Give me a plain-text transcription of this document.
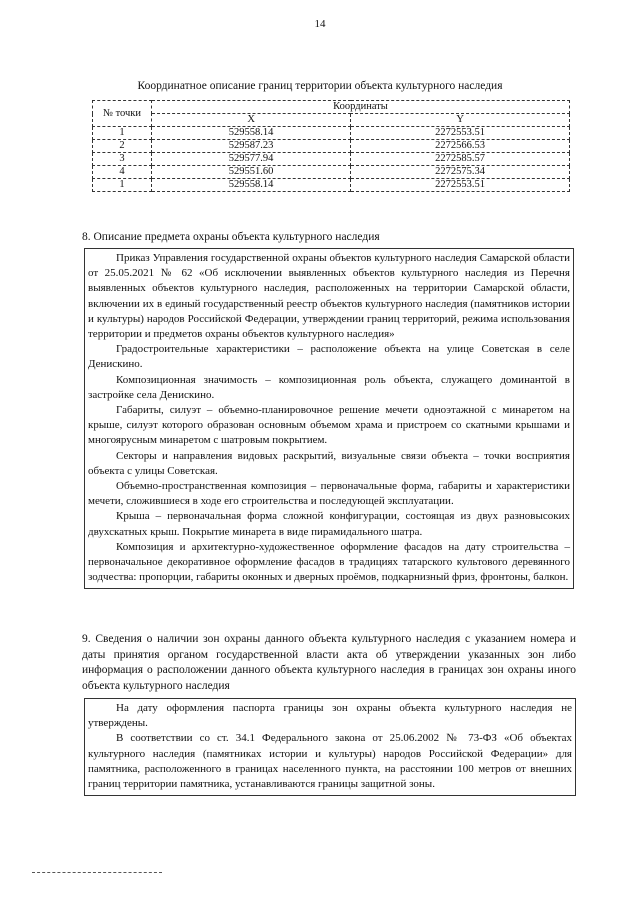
14
Координатное описание границ территории объекта культурного наследия
№ точки	Координаты	
	X	Y
1	529558.14	2272553.51
2	529587.23	2272566.53
3	529577.94	2272585.57
4	529551.60	2272575.34
1	529558.14	2272553.51
8. Описание предмета охраны объекта культурного наследия

Приказ Управления государственной охраны объектов культурного наследия Самарской области от 25.05.2021 № 62 «Об исключении выявленных объектов культурного наследия из Перечня выявленных объектов культурного наследия, расположенных на территории Самарской области, включении их в единый государственный реестр объектов культурного наследия (памятников истории и культуры) народов Российской Федерации, утверждении границ территорий, режима использования территории и предметов охраны объектов культурного наследия»

Градостроительные характеристики – расположение объекта на улице Советская в селе Денискино.

Композиционная значимость – композиционная роль объекта, служащего доминантой в застройке села Денискино.

Габариты, силуэт – объемно-планировочное решение мечети одноэтажной с минаретом на крыше, силуэт которого образован основным объемом храма и пристроем со скатными крышами и многоярусным минаретом с шатровым покрытием.

Секторы и направления видовых раскрытий, визуальные связи объекта – точки восприятия объекта с улицы Советская.

Объемно-пространственная композиция – первоначальные форма, габариты и характеристики мечети, сложившиеся в ходе его строительства и последующей эксплуатации.

Крыша – первоначальная форма сложной конфигурации, состоящая из двух разновысоких двухскатных крыш. Покрытие минарета в виде пирамидального шатра.

Композиция и архитектурно-художественное оформление фасадов на дату строительства – первоначальное декоративное оформление фасадов в традициях татарского культового деревянного зодчества: пропорции, габариты оконных и дверных проёмов, подкарнизный фриз, фронтоны, балкон.

9. Сведения о наличии зон охраны данного объекта культурного наследия с указанием номера и даты принятия органом государственной власти акта об утверждении указанных зон либо информация о расположении данного объекта культурного наследия в границах зон охраны иного объекта культурного наследия

На дату оформления паспорта границы зон охраны объекта культурного наследия не утверждены.

В соответствии со ст. 34.1 Федерального закона от 25.06.2002 № 73-ФЗ «Об объектах культурного наследия (памятниках истории и культуры) народов Российской Федерации» для памятника, расположенного в границах населенного пункта, на расстоянии 100 метров от внешних границ территории памятника, устанавливаются границы защитной зоны.
